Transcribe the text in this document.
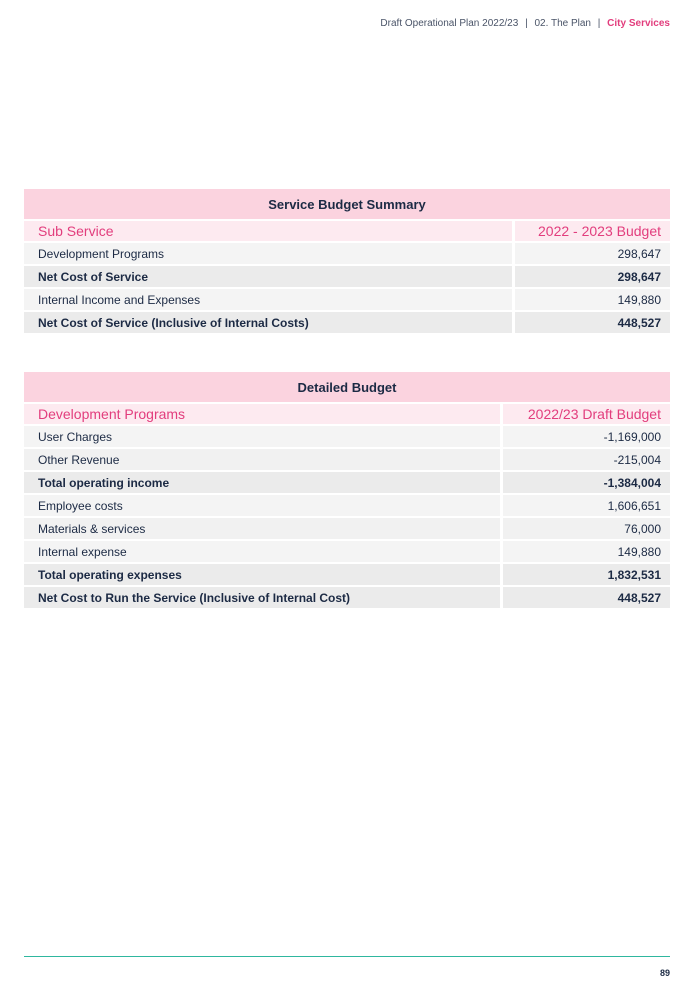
Draft Operational Plan 2022/23 | 02. The Plan | City Services
Service Budget Summary	
Sub Service	2022 - 2023 Budget
Development Programs	298,647
Net Cost of Service	298,647
Internal Income and Expenses	149,880
Net Cost of Service (Inclusive of Internal Costs)	448,527
Detailed Budget	
Development Programs	2022/23 Draft Budget
User Charges	-1,169,000
Other Revenue	-215,004
Total operating income	-1,384,004
Employee costs	1,606,651
Materials & services	76,000
Internal expense	149,880
Total operating expenses	1,832,531
Net Cost to Run the Service (Inclusive of Internal Cost)	448,527
89
